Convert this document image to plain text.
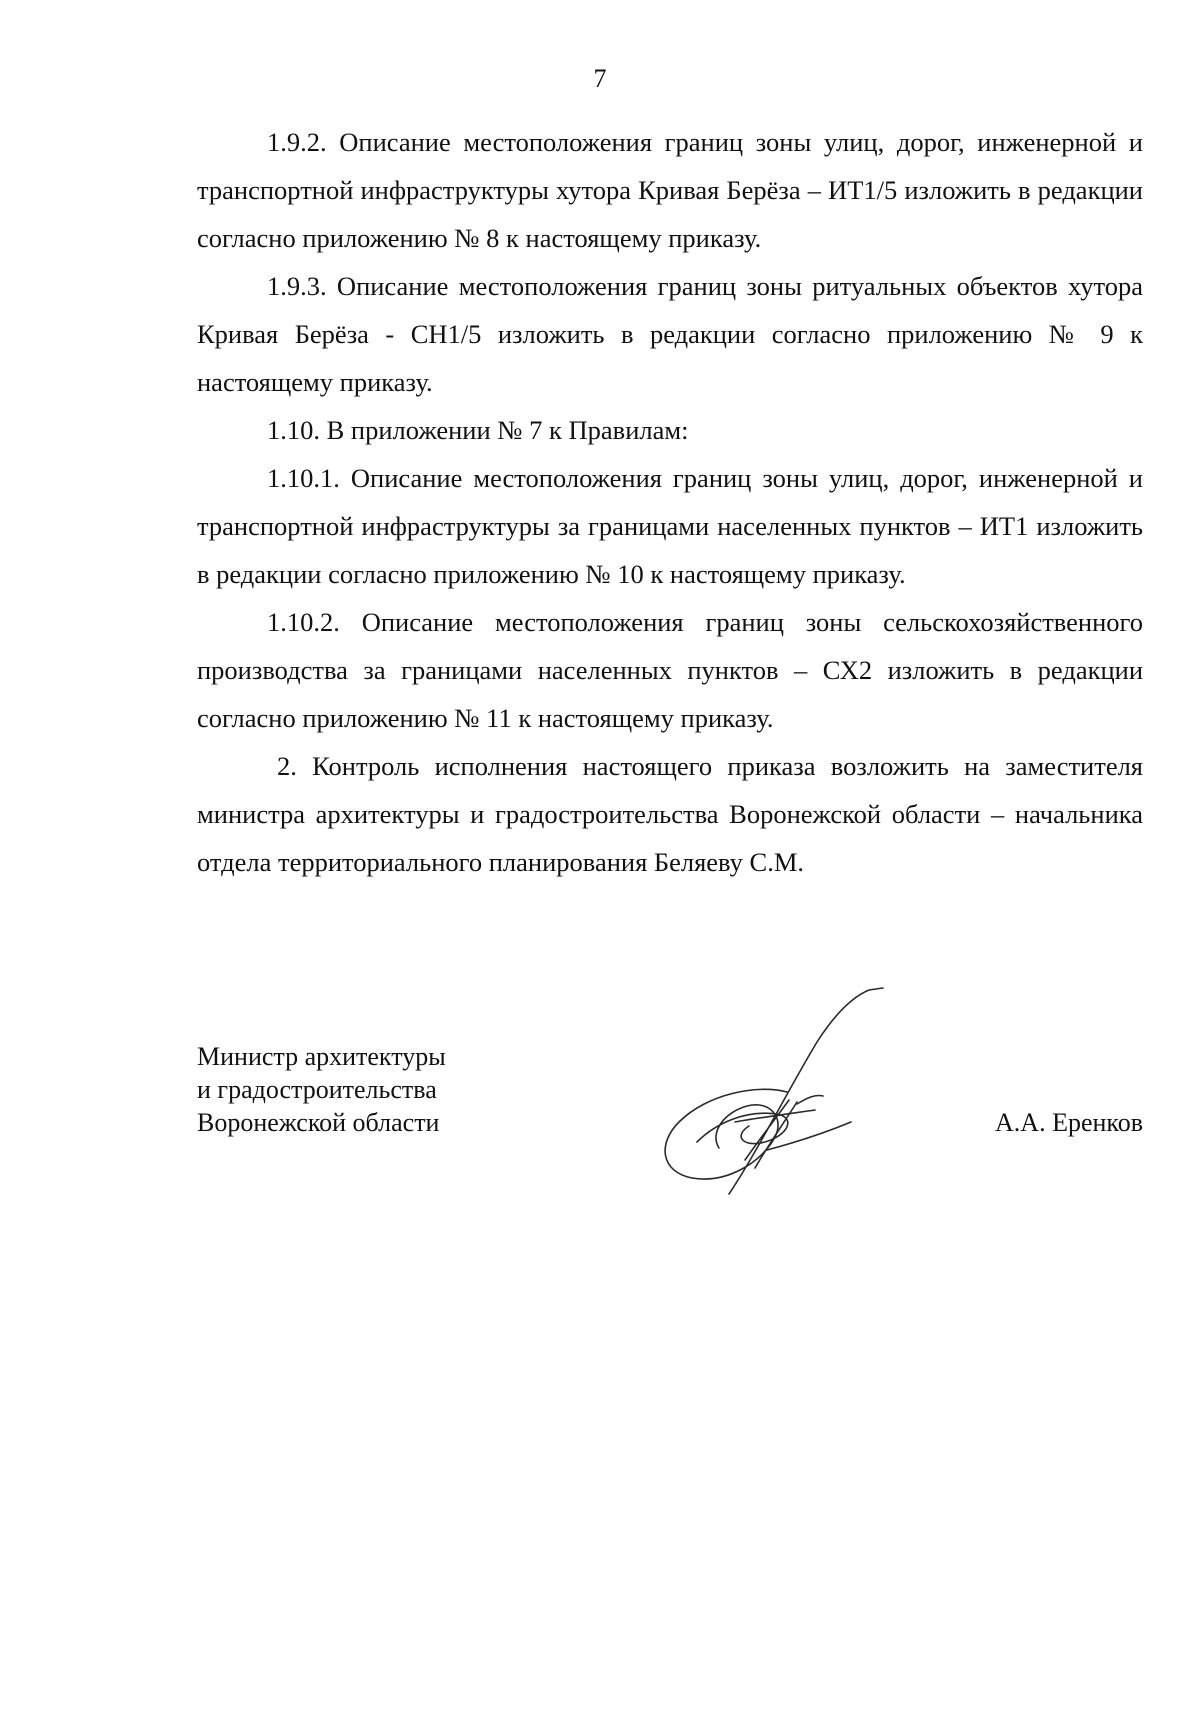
7

1.9.2. Описание местоположения границ зоны улиц, дорог, инженерной и транспортной инфраструктуры хутора Кривая Берёза – ИТ1/5 изложить в редакции согласно приложению № 8 к настоящему приказу.

1.9.3. Описание местоположения границ зоны ритуальных объектов хутора Кривая Берёза - СН1/5 изложить в редакции согласно приложению № 9 к настоящему приказу.

1.10. В приложении № 7 к Правилам:

1.10.1. Описание местоположения границ зоны улиц, дорог, инженерной и транспортной инфраструктуры за границами населенных пунктов – ИТ1 изложить в редакции согласно приложению № 10 к настоящему приказу.

1.10.2. Описание местоположения границ зоны сельскохозяйственного производства за границами населенных пунктов – СХ2 изложить в редакции согласно приложению № 11 к настоящему приказу.

2. Контроль исполнения настоящего приказа возложить на заместителя министра архитектуры и градостроительства Воронежской области – начальника отдела территориального планирования Беляеву С.М.

Министр архитектуры
и градостроительства
Воронежской области	А.А. Еренков
